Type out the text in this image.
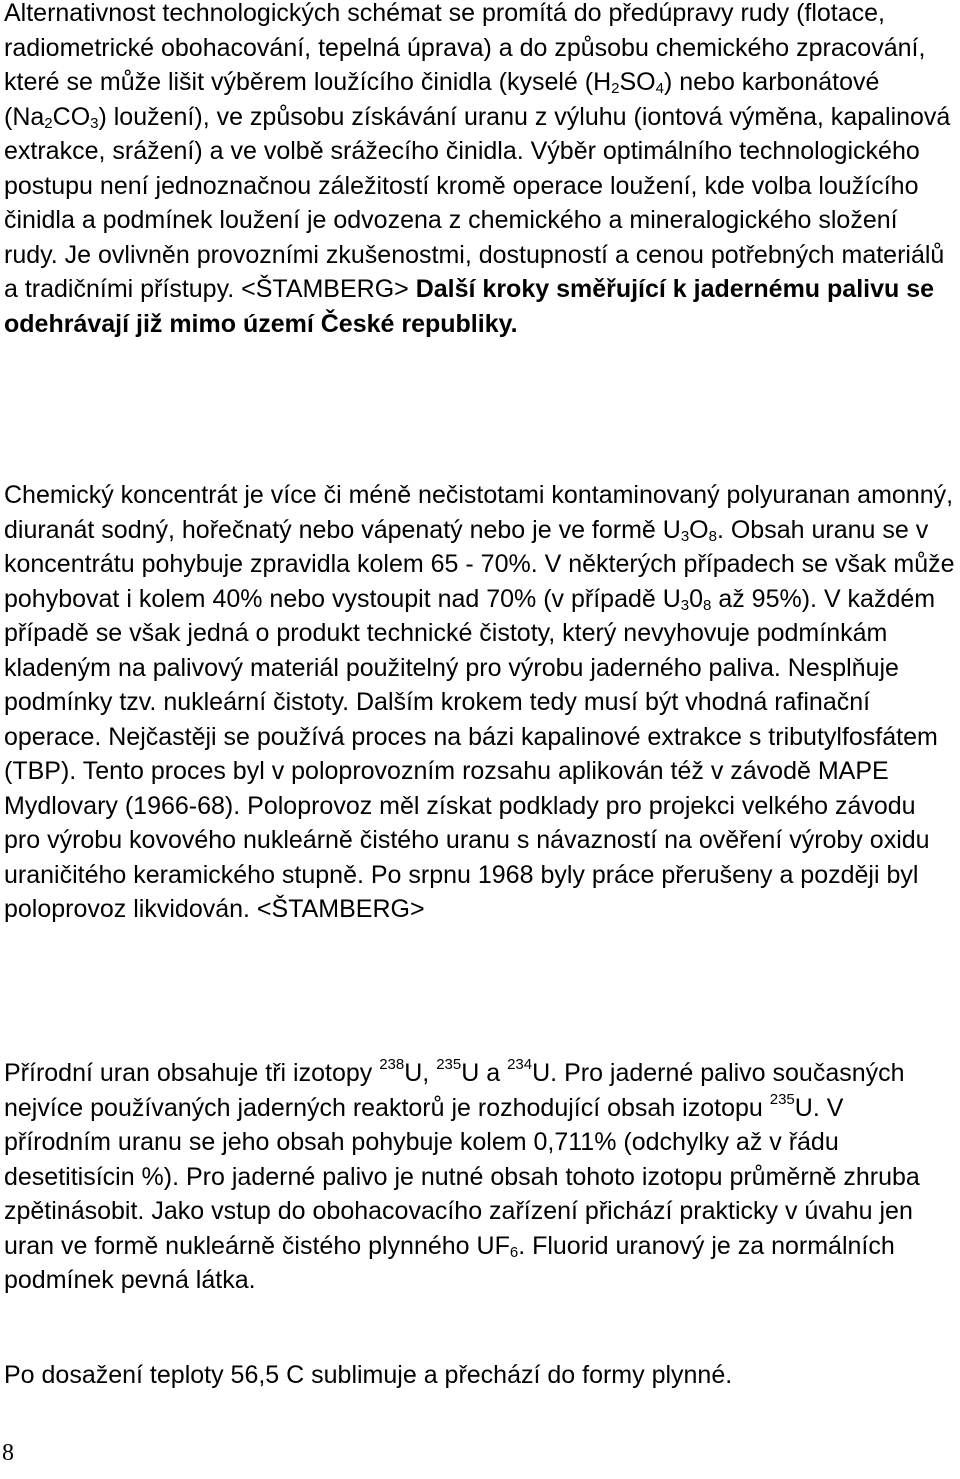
Alternativnost technologických schémat se promítá do předúpravy rudy (flotace, radiometrické obohacování, tepelná úprava) a do způsobu chemického zpracování, které se může lišit výběrem loužícího činidla (kyselé $(H_2SO_4)$ nebo karbonátové $(Na_2CO_3)$ loužení), ve způsobu získávání uranu z výluhu (iontová výměna, kapalinová extrakce, srážení) a ve volbě srážecího činidla. Výběr optimálního technologického postupu není jednoznačnou záležitostí kromě operace loužení, kde volba loužícího činidla a podmínek loužení je odvozena z chemického a mineralogického složení rudy. Je ovlivněn provozními zkušenostmi, dostupností a cenou potřebných materiálů a tradičními přístupy. <ŠTAMBERG> Další kroky směřující k jadernému palivu se odehrávají již mimo území České republiky.

Chemický koncentrát je více či méně nečistotami kontaminovaný polyuranan amonný, diuranát sodný, hořečnatý nebo vápenatý nebo je ve formě $U_3O_8$. Obsah uranu se v koncentrátu pohybuje zpravidla kolem 65 - 70%. V některých případech se však může pohybovat i kolem 40% nebo vystoupit nad 70% (v případě $U_30_8$ až 95%). V každém případě se však jedná o produkt technické čistoty, který nevyhovuje podmínkám kladeným na palivový materiál použitelný pro výrobu jaderného paliva. Nesplňuje podmínky tzv. nukleární čistoty. Dalším krokem tedy musí být vhodná rafinační operace. Nejčastěji se používá proces na bázi kapalinové extrakce s tributylfosfátem (TBP). Tento proces byl v poloprovozním rozsahu aplikován též v závodě MAPE Mydlovary (1966-68). Poloprovoz měl získat podklady pro projekci velkého závodu pro výrobu kovového nukleárně čistého uranu s návazností na ověření výroby oxidu uraničitého keramického stupně. Po srpnu 1968 byly práce přerušeny a později byl poloprovoz likvidován. <ŠTAMBERG>

Přírodní uran obsahuje tři izotopy $^{238}$U, $^{235}$U a $^{234}$U. Pro jaderné palivo současných nejvíce používaných jaderných reaktorů je rozhodující obsah izotopu $^{235}$U. V přírodním uranu se jeho obsah pohybuje kolem 0,711% (odchylky až v řádu desetitisícin %). Pro jaderné palivo je nutné obsah tohoto izotopu průměrně zhruba zpětinásobit. Jako vstup do obohacovacího zařízení přichází prakticky v úvahu jen uran ve formě nukleárně čistého plynného $UF_6$. Fluorid uranový je za normálních podmínek pevná látka.

Po dosažení teploty 56,5 C sublimuje a přechází do formy plynné.

8
